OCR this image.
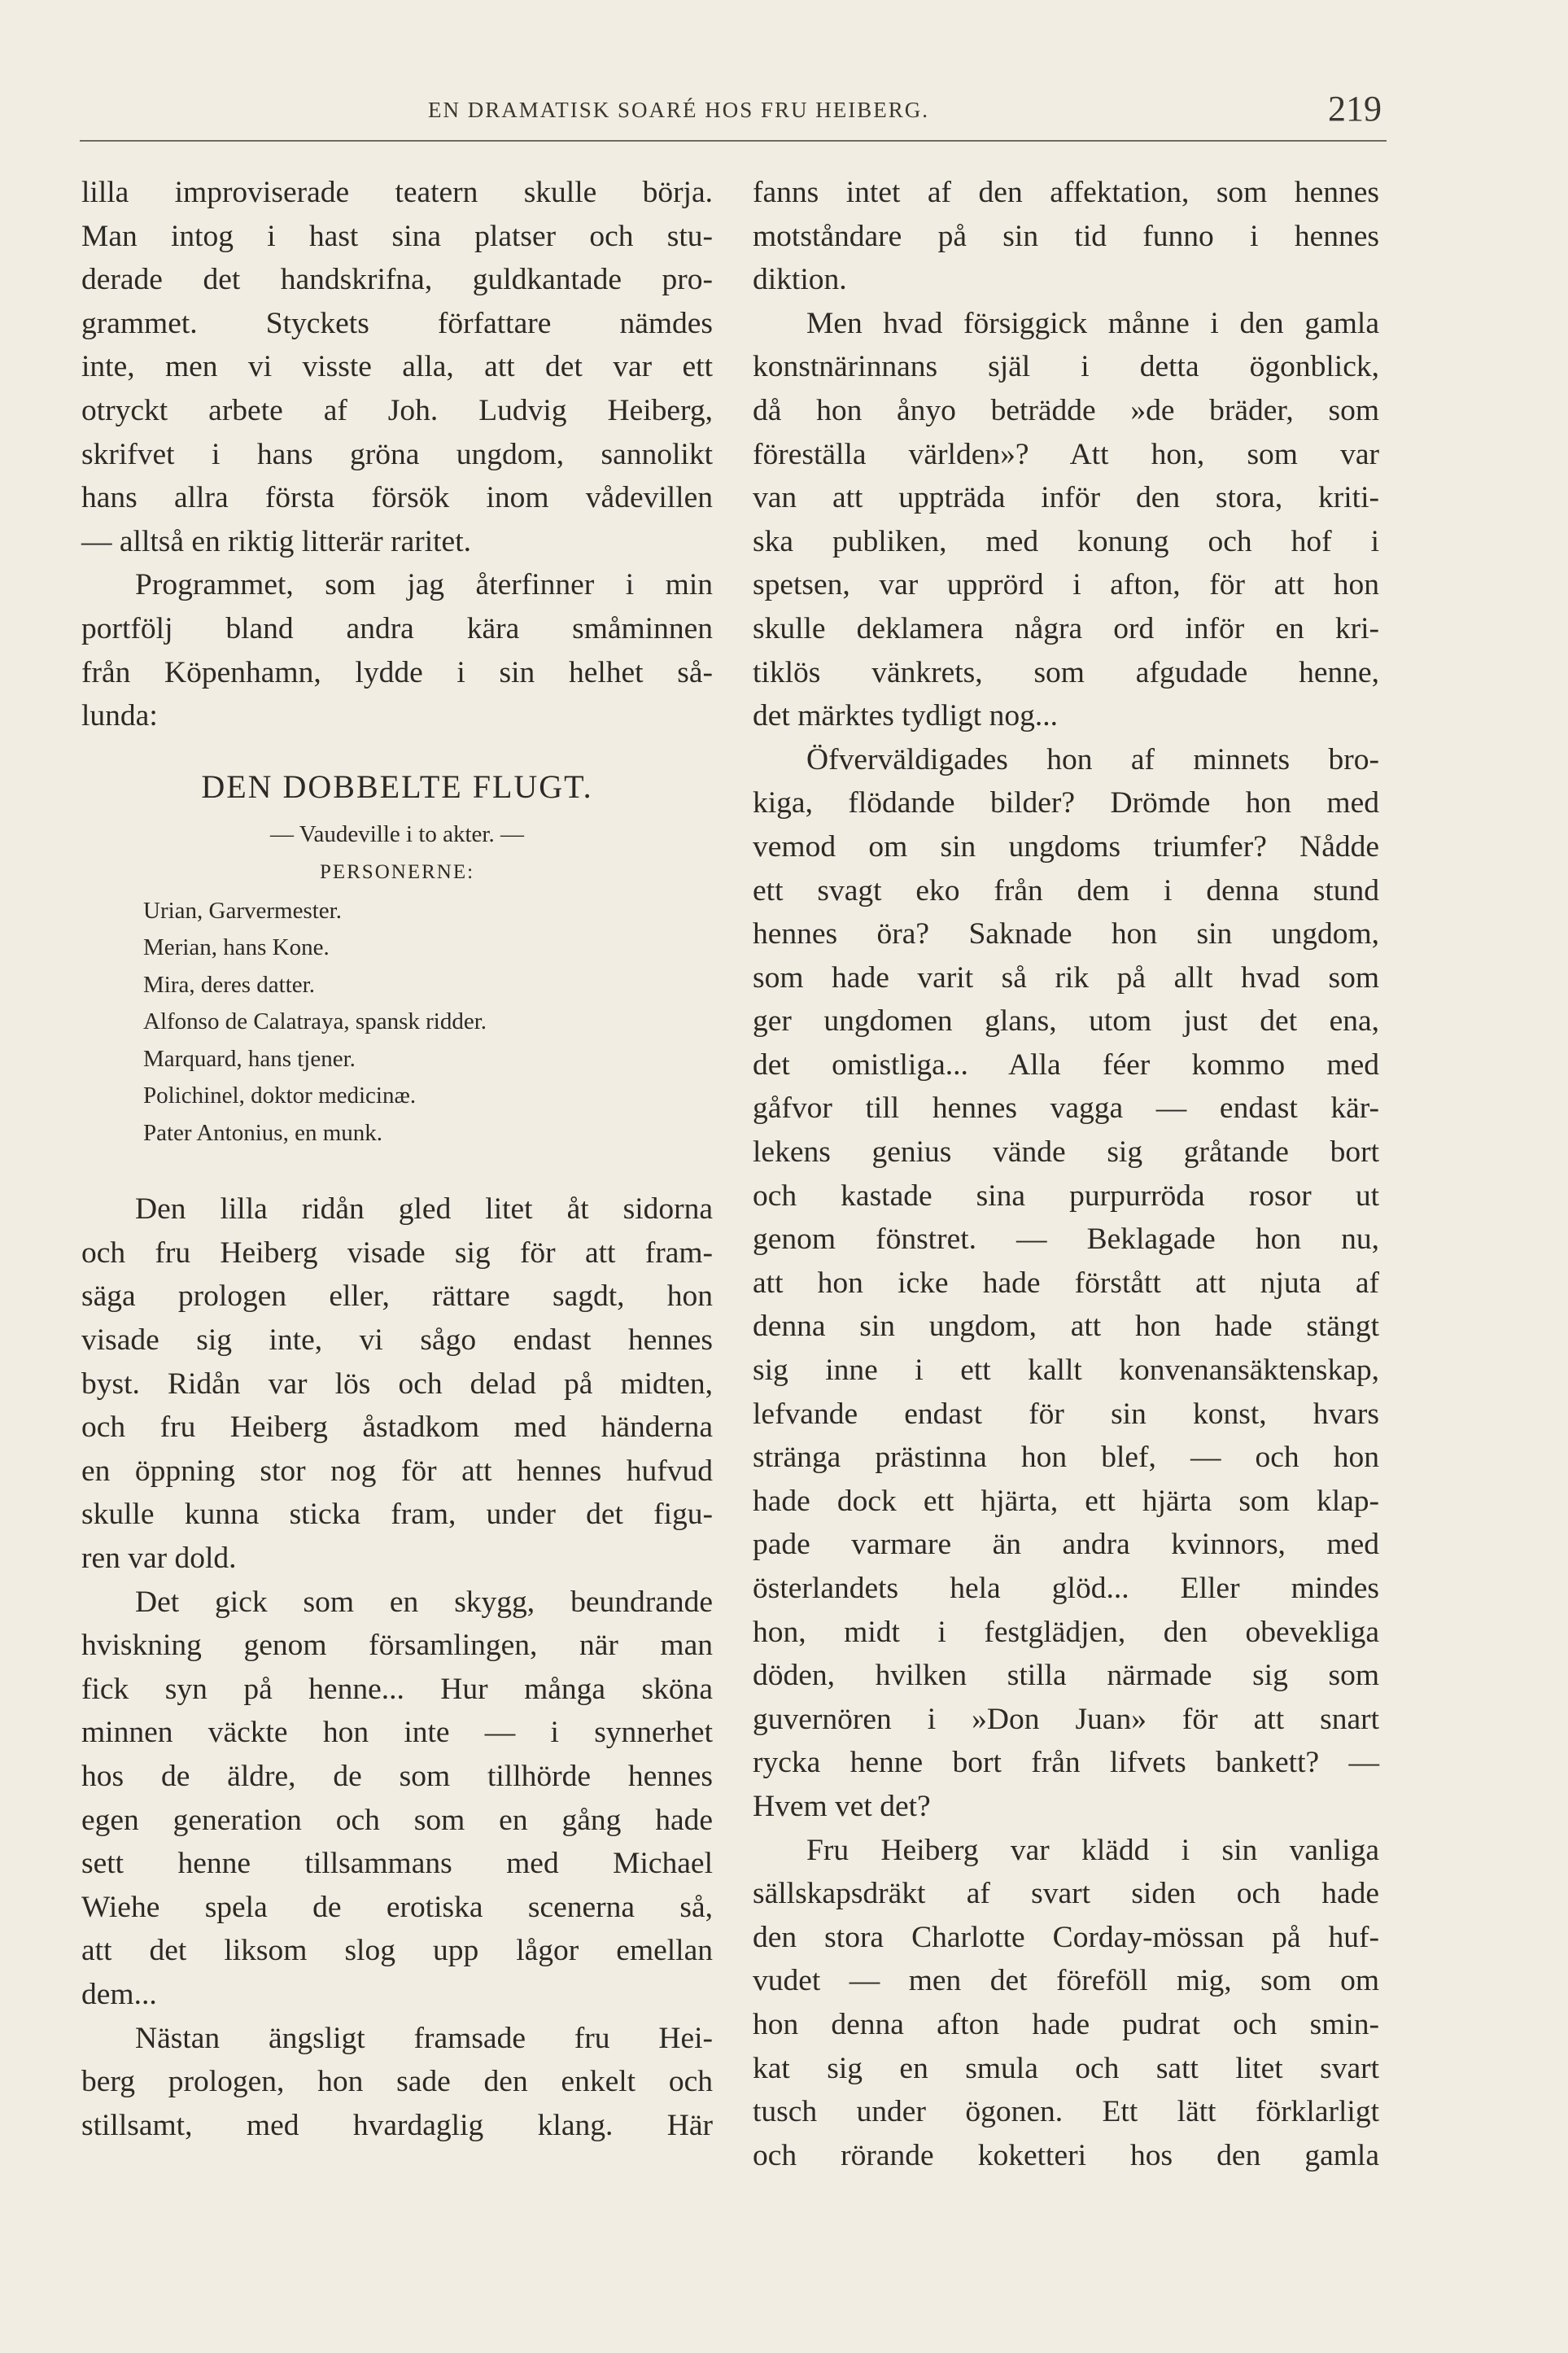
EN DRAMATISK SOARÉ HOS FRU HEIBERG.	219
lilla improviserade teatern skulle börja.
Man intog i hast sina platser och stu-
derade det handskrifna, guldkantade pro-
grammet. Styckets författare nämdes
inte, men vi visste alla, att det var ett
otryckt arbete af Joh. Ludvig Heiberg,
skrifvet i hans gröna ungdom, sannolikt
hans allra första försök inom vådevillen
— alltså en riktig litterär raritet.
Programmet, som jag återfinner i min
portfölj bland andra kära småminnen
från Köpenhamn, lydde i sin helhet så-
lunda:
DEN DOBBELTE FLUGT.
— Vaudeville i to akter. —
PERSONERNE:
Urian, Garvermester.
Merian, hans Kone.
Mira, deres datter.
Alfonso de Calatraya, spansk ridder.
Marquard, hans tjener.
Polichinel, doktor medicinæ.
Pater Antonius, en munk.
Den lilla ridån gled litet åt sidorna
och fru Heiberg visade sig för att fram-
säga prologen eller, rättare sagdt, hon
visade sig inte, vi sågo endast hennes
byst. Ridån var lös och delad på midten,
och fru Heiberg åstadkom med händerna
en öppning stor nog för att hennes hufvud
skulle kunna sticka fram, under det figu-
ren var dold.
Det gick som en skygg, beundrande
hviskning genom församlingen, när man
fick syn på henne... Hur många sköna
minnen väckte hon inte — i synnerhet
hos de äldre, de som tillhörde hennes
egen generation och som en gång hade
sett henne tillsammans med Michael
Wiehe spela de erotiska scenerna så,
att det liksom slog upp lågor emellan
dem...
Nästan ängsligt framsade fru Hei-
berg prologen, hon sade den enkelt och
stillsamt, med hvardaglig klang. Här
fanns intet af den affektation, som hennes
motståndare på sin tid funno i hennes
diktion.
Men hvad försiggick månne i den gamla
konstnärinnans själ i detta ögonblick,
då hon ånyo beträdde »de bräder, som
föreställa världen»? Att hon, som var
van att uppträda inför den stora, kriti-
ska publiken, med konung och hof i
spetsen, var upprörd i afton, för att hon
skulle deklamera några ord inför en kri-
tiklös vänkrets, som afgudade henne,
det märktes tydligt nog...
Öfverväldigades hon af minnets bro-
kiga, flödande bilder? Drömde hon med
vemod om sin ungdoms triumfer? Nådde
ett svagt eko från dem i denna stund
hennes öra? Saknade hon sin ungdom,
som hade varit så rik på allt hvad som
ger ungdomen glans, utom just det ena,
det omistliga... Alla féer kommo med
gåfvor till hennes vagga — endast kär-
lekens genius vände sig gråtande bort
och kastade sina purpurröda rosor ut
genom fönstret. — Beklagade hon nu,
att hon icke hade förstått att njuta af
denna sin ungdom, att hon hade stängt
sig inne i ett kallt konvenansäktenskap,
lefvande endast för sin konst, hvars
stränga prästinna hon blef, — och hon
hade dock ett hjärta, ett hjärta som klap-
pade varmare än andra kvinnors, med
österlandets hela glöd... Eller mindes
hon, midt i festglädjen, den obevekliga
döden, hvilken stilla närmade sig som
guvernören i »Don Juan» för att snart
rycka henne bort från lifvets bankett? —
Hvem vet det?
Fru Heiberg var klädd i sin vanliga
sällskapsdräkt af svart siden och hade
den stora Charlotte Corday-mössan på huf-
vudet — men det föreföll mig, som om
hon denna afton hade pudrat och smin-
kat sig en smula och satt litet svart
tusch under ögonen. Ett lätt förklarligt
och rörande koketteri hos den gamla
